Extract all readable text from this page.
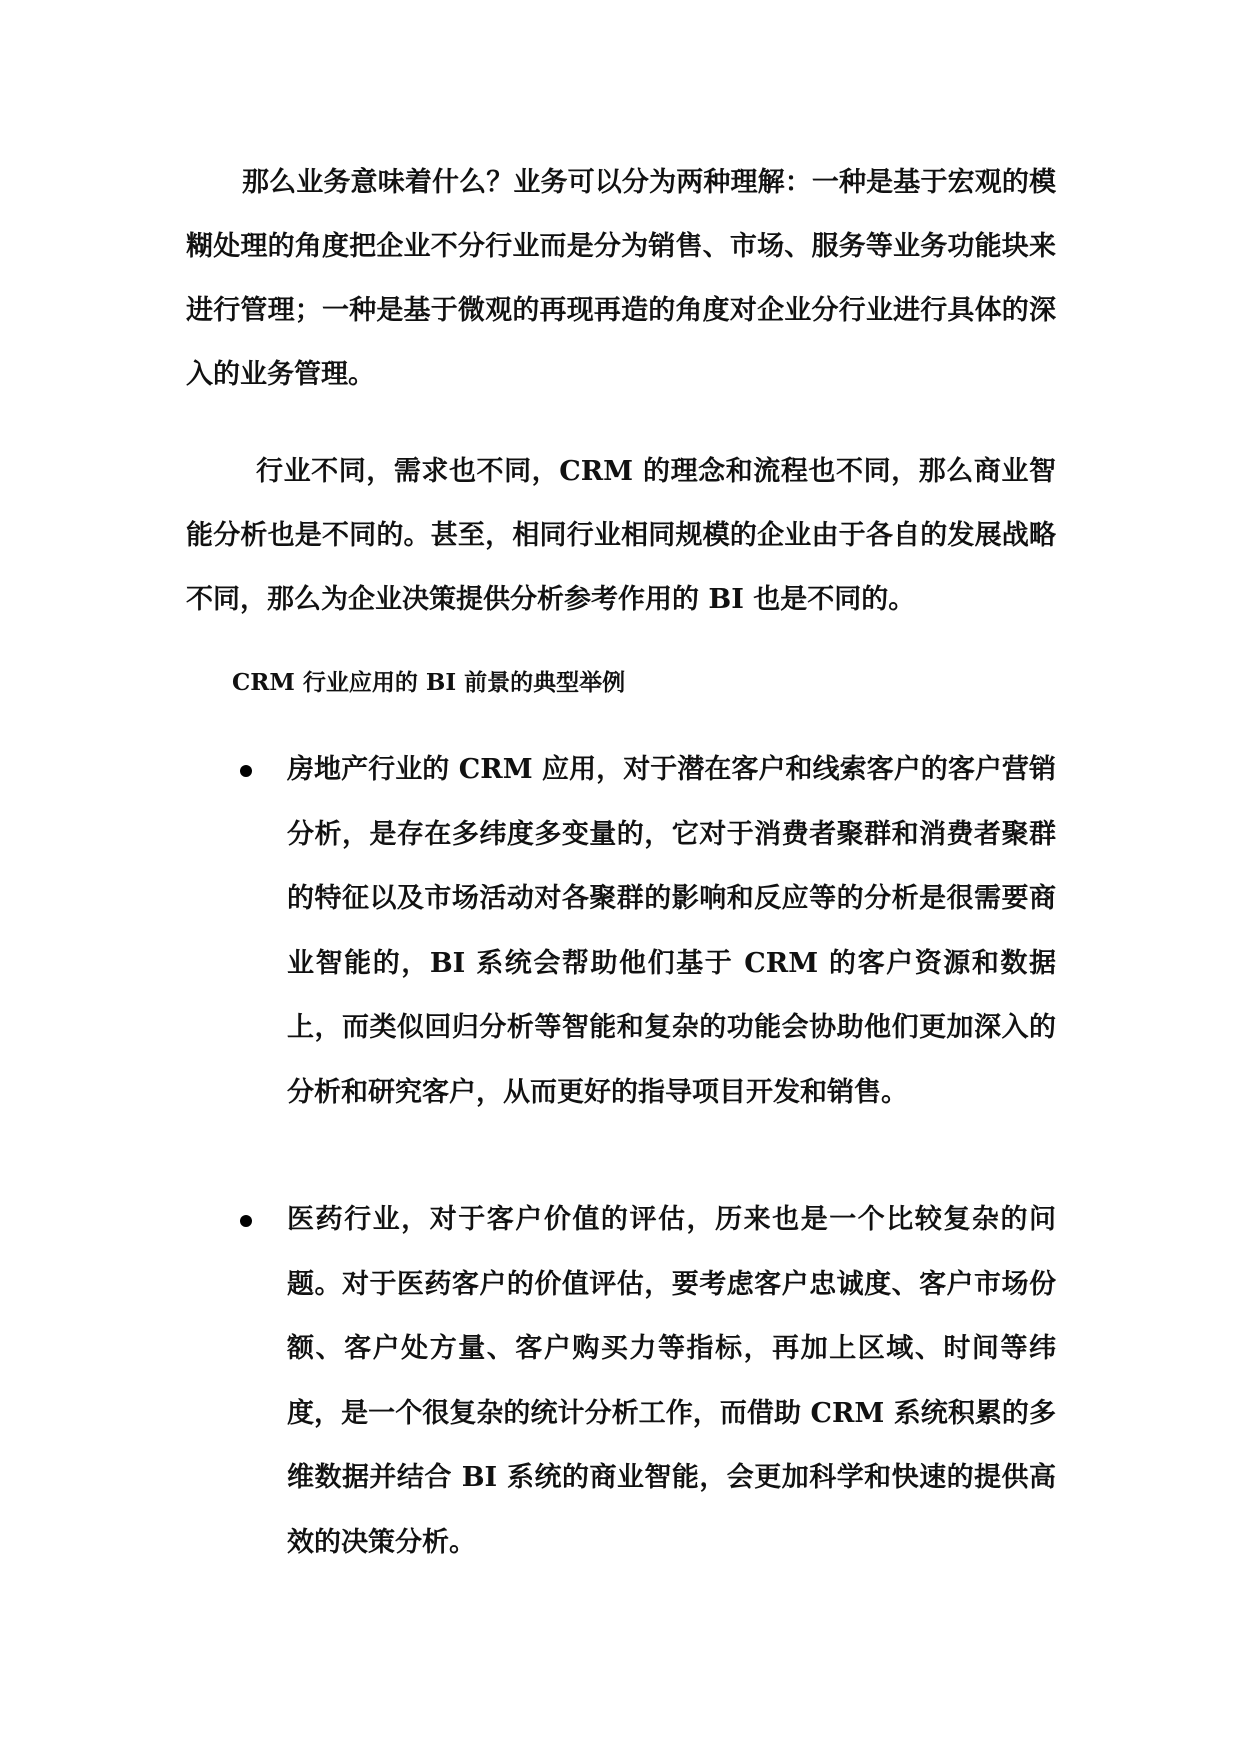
那么业务意味着什么？业务可以分为两种理解：一种是基于宏观的模糊处理的角度把企业不分行业而是分为销售、市场、服务等业务功能块来进行管理；一种是基于微观的再现再造的角度对企业分行业进行具体的深入的业务管理。

行业不同，需求也不同，CRM 的理念和流程也不同，那么商业智能分析也是不同的。甚至，相同行业相同规模的企业由于各自的发展战略不同，那么为企业决策提供分析参考作用的 BI 也是不同的。

CRM 行业应用的 BI 前景的典型举例

房地产行业的 CRM 应用，对于潜在客户和线索客户的客户营销分析，是存在多纬度多变量的，它对于消费者聚群和消费者聚群的特征以及市场活动对各聚群的影响和反应等的分析是很需要商业智能的，BI 系统会帮助他们基于 CRM 的客户资源和数据上，而类似回归分析等智能和复杂的功能会协助他们更加深入的分析和研究客户，从而更好的指导项目开发和销售。

医药行业，对于客户价值的评估，历来也是一个比较复杂的问题。对于医药客户的价值评估，要考虑客户忠诚度、客户市场份额、客户处方量、客户购买力等指标，再加上区域、时间等纬度，是一个很复杂的统计分析工作，而借助 CRM 系统积累的多维数据并结合 BI 系统的商业智能，会更加科学和快速的提供高效的决策分析。
